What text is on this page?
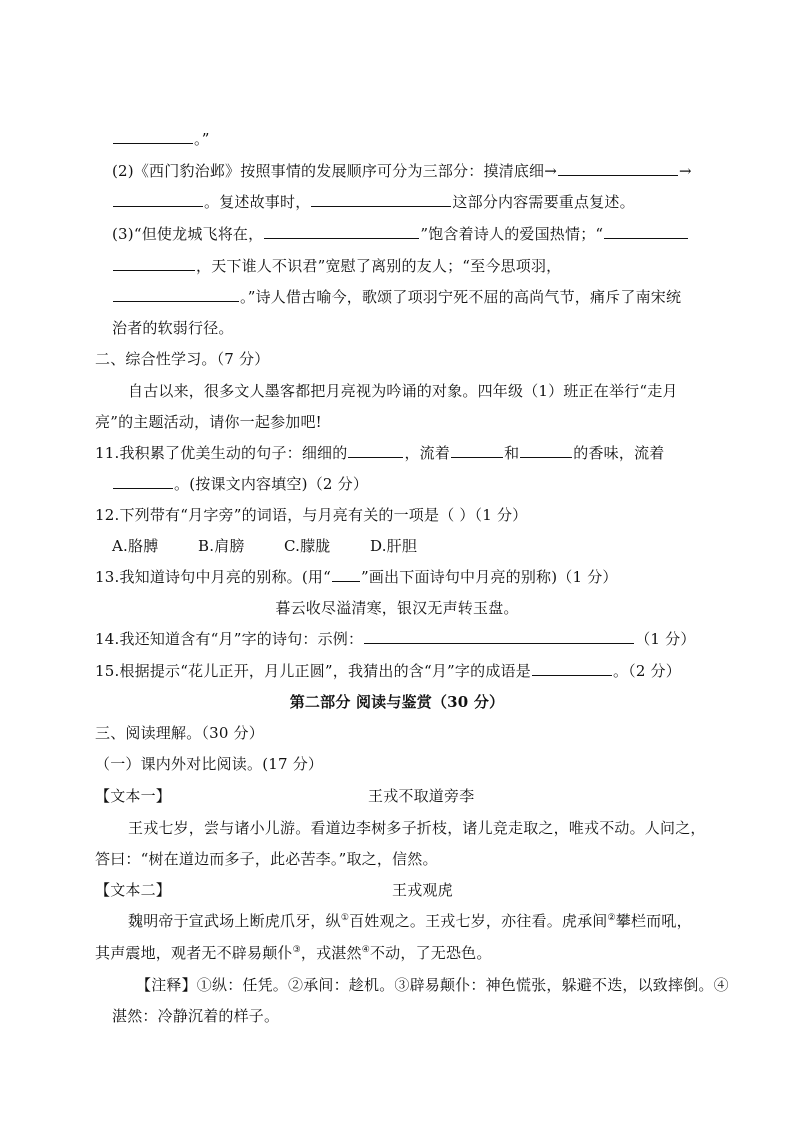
。”
(2)《西门豹治邺》按照事情的发展顺序可分为三部分：摸清底细→	→
。复述故事时，	这部分内容需要重点复述。
(3)“但使龙城飞将在，	”饱含着诗人的爱国热情；“
，天下谁人不识君”宽慰了离别的友人；“至今思项羽，
。”诗人借古喻今，歌颂了项羽宁死不屈的高尚气节，痛斥了南宋统
治者的软弱行径。
二、综合性学习。（7 分）
自古以来，很多文人墨客都把月亮视为吟诵的对象。四年级（1）班正在举行“走月
亮”的主题活动，请你一起参加吧!
11.我积累了优美生动的句子：细细的	，流着	和	的香味，流着
。(按课文内容填空)（2 分）
12.下列带有“月字旁”的词语，与月亮有关的一项是（ ）（1 分）
A.胳膊	B.肩膀	C.朦胧	D.肝胆
13.我知道诗句中月亮的别称。(用“ ”画出下面诗句中月亮的别称)（1 分）
暮云收尽溢清寒，银汉无声转玉盘。
14.我还知道含有“月”字的诗句：示例：	（1 分）
15.根据提示“花儿正开，月儿正圆”，我猜出的含“月”字的成语是	。（2 分）
第二部分 阅读与鉴赏（30 分）
三、阅读理解。（30 分）
（一）课内外对比阅读。(17 分）
【文本一】	王戎不取道旁李
王戎七岁，尝与诸小儿游。看道边李树多子折枝，诸儿竞走取之，唯戎不动。人问之，
答曰：“树在道边而多子，此必苦李。”取之，信然。
【文本二】	王戎观虎
魏明帝于宣武场上断虎爪牙，纵①百姓观之。王戎七岁，亦往看。虎承间②攀栏而吼，
其声震地，观者无不辟易颠仆③，戎湛然④不动，了无恐色。
【注释】①纵：任凭。②承间：趁机。③辟易颠仆：神色慌张，躲避不迭，以致摔倒。④
湛然：冷静沉着的样子。
